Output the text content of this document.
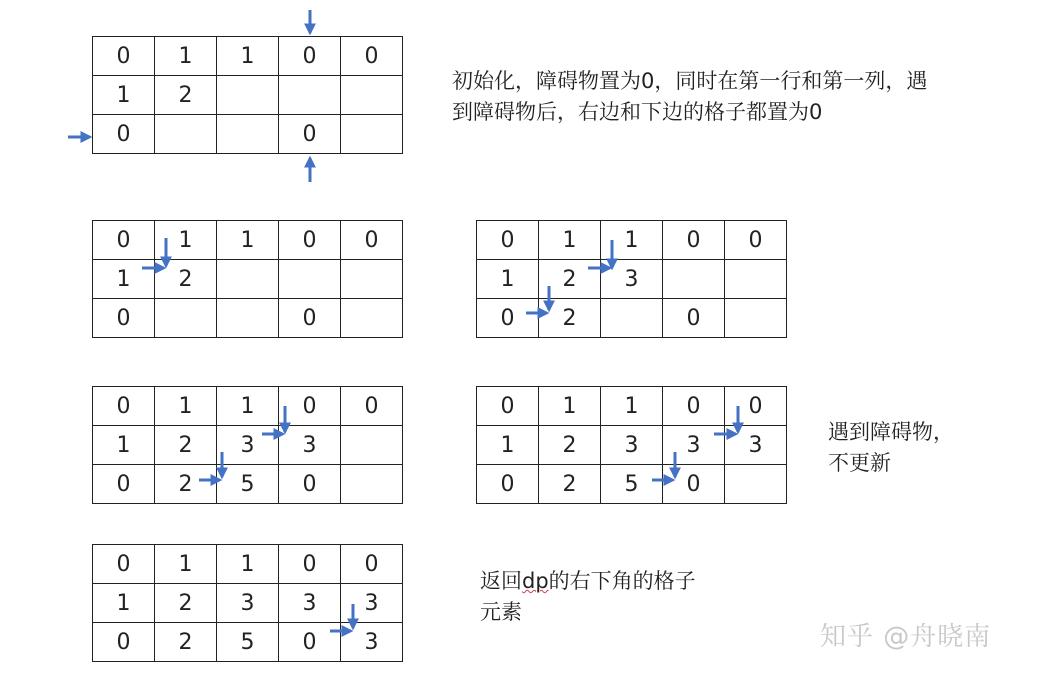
0	1	1	0	0
1	2			
0			0	
0	1	1	0	0
1	2			
0			0	
0	1	1	0	0
1	2	3		
0	2		0	
0	1	1	0	0
1	2	3	3	
0	2	5	0	
0	1	1	0	0
1	2	3	3	3
0	2	5	0	
0	1	1	0	0
1	2	3	3	3
0	2	5	0	3
初始化，障碍物置为0，同时在第一行和第一列，遇
到障碍物后，右边和下边的格子都置为0
遇到障碍物，
不更新
返回dp的右下角的格子
元素
知乎 @舟晓南
